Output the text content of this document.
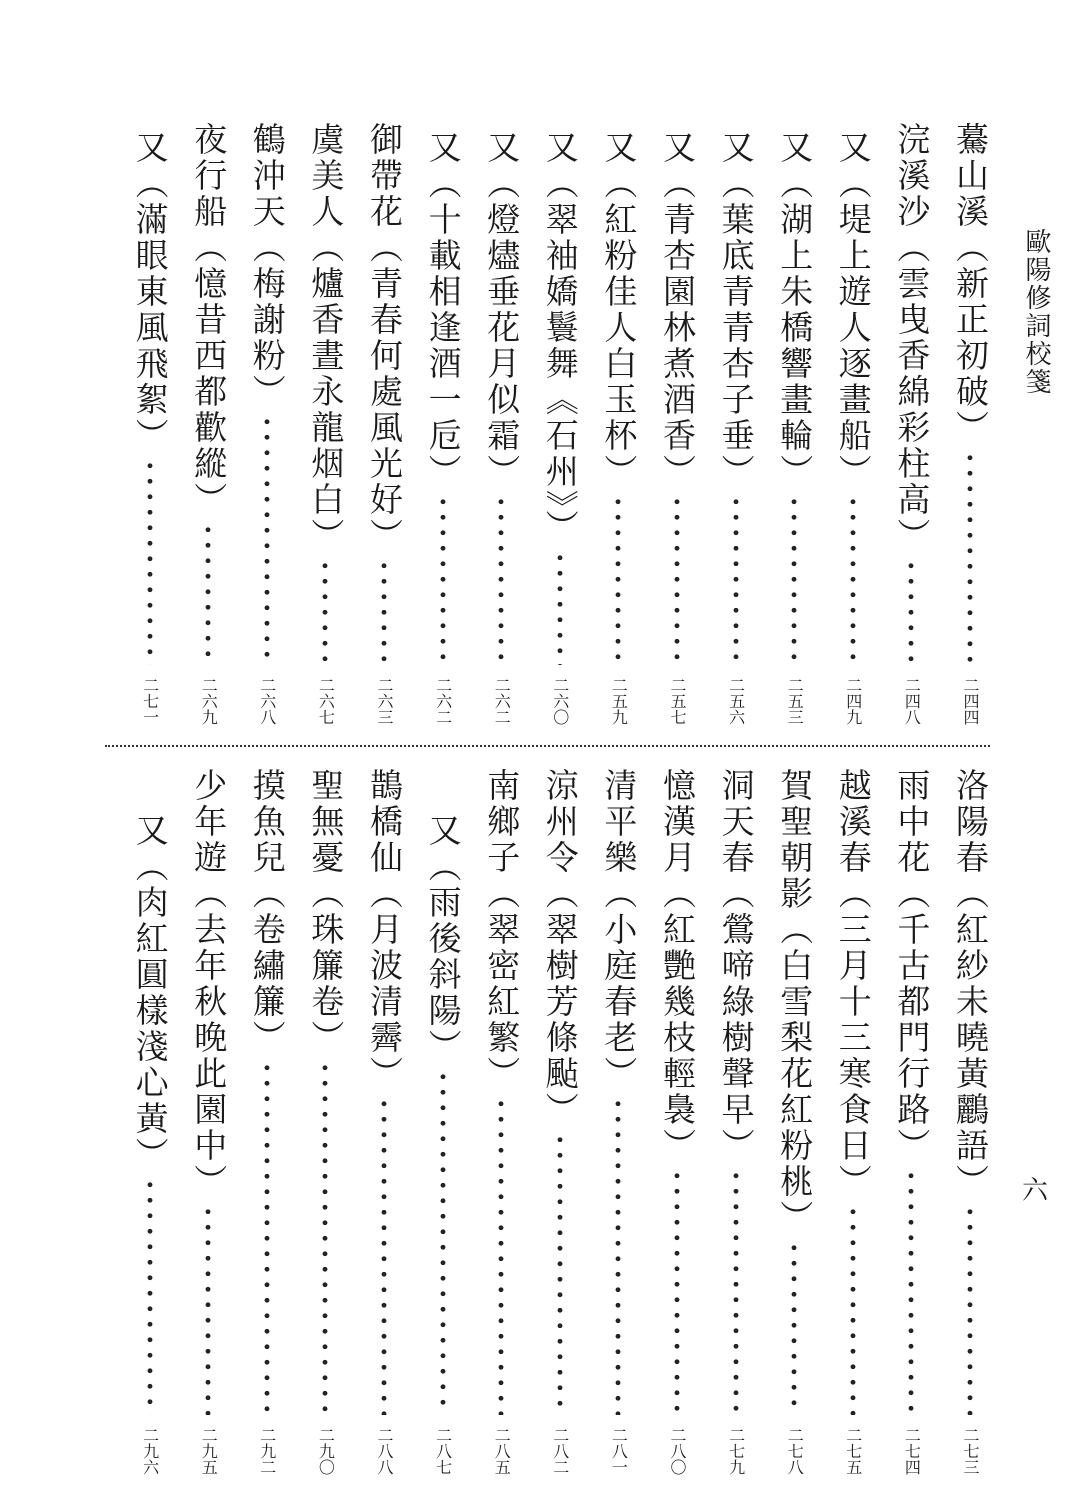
歐陽修詞校箋
六
驀山溪（新正初破）
二四四
浣溪沙（雲曳香綿彩柱高）
二四八
又（堤上遊人逐畫船）
二四九
又（湖上朱橋響畫輪）
二五三
又（葉底青青杏子垂）
二五六
又（青杏園林煮酒香）
二五七
又（紅粉佳人白玉杯）
二五九
又（翠袖嬌鬟舞《石州》）
二六〇
又（燈燼垂花月似霜）
二六二
又（十載相逢酒一卮）
二六二
御帶花（青春何處風光好）
二六三
虞美人（爐香晝永龍烟白）
二六七
鶴沖天（梅謝粉）
二六八
夜行船（憶昔西都歡縱）
二六九
又（滿眼東風飛絮）
二七一
洛陽春（紅紗未曉黃鸝語）
二七三
雨中花（千古都門行路）
二七四
越溪春（三月十三寒食日）
二七五
賀聖朝影（白雪梨花紅粉桃）
二七八
洞天春（鶯啼綠樹聲早）
二七九
憶漢月（紅艷幾枝輕裊）
二八〇
清平樂（小庭春老）
二八一
涼州令（翠樹芳條颭）
二八二
南鄉子（翠密紅繁）
二八五
又（雨後斜陽）
二八七
鵲橋仙（月波清霽）
二八八
聖無憂（珠簾卷）
二九〇
摸魚兒（卷繡簾）
二九二
少年遊（去年秋晚此園中）
二九五
又（肉紅圓樣淺心黃）
二九六
